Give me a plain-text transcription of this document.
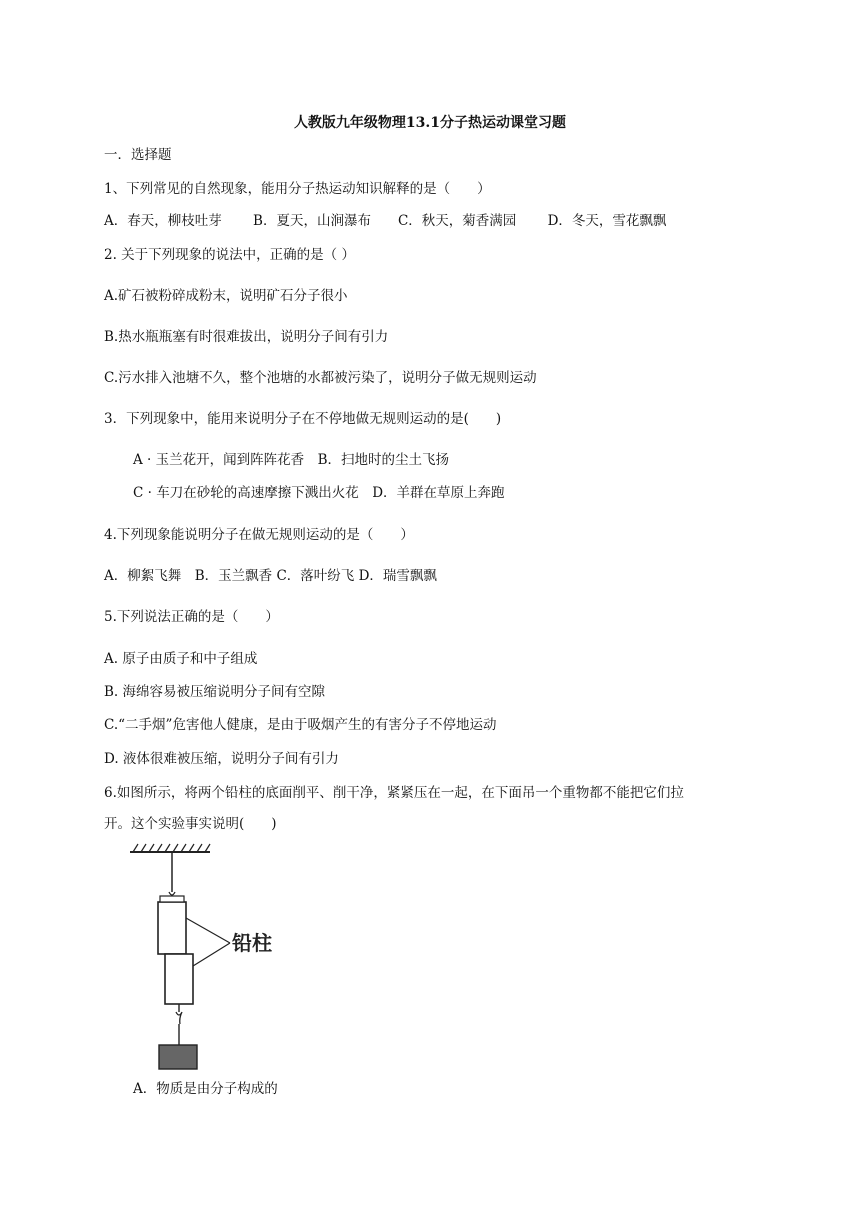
人教版九年级物理13.1分子热运动课堂习题
一．选择题
1、下列常见的自然现象，能用分子热运动知识解释的是（　　）
A．春天，柳枝吐芽　　 B．夏天，山涧瀑布　　C．秋天，菊香满园　　 D．冬天，雪花飘飘
2. 关于下列现象的说法中，正确的是（ ）
A.矿石被粉碎成粉末，说明矿石分子很小
B.热水瓶瓶塞有时很难拔出，说明分子间有引力
C.污水排入池塘不久，整个池塘的水都被污染了，说明分子做无规则运动
3．下列现象中，能用来说明分子在不停地做无规则运动的是(　　)
A · 玉兰花开，闻到阵阵花香　B．扫地时的尘土飞扬
C · 车刀在砂轮的高速摩擦下溅出火花　D．羊群在草原上奔跑
4.下列现象能说明分子在做无规则运动的是（　　）
A．柳絮飞舞　B．玉兰飘香 C．落叶纷飞 D．瑞雪飘飘
5.下列说法正确的是（　　）
A. 原子由质子和中子组成
B. 海绵容易被压缩说明分子间有空隙
C.“二手烟”危害他人健康，是由于吸烟产生的有害分子不停地运动
D. 液体很难被压缩，说明分子间有引力
6.如图所示，将两个铅柱的底面削平、削干净，紧紧压在一起，在下面吊一个重物都不能把它们拉
开。这个实验事实说明(　　)
铅柱
A．物质是由分子构成的
